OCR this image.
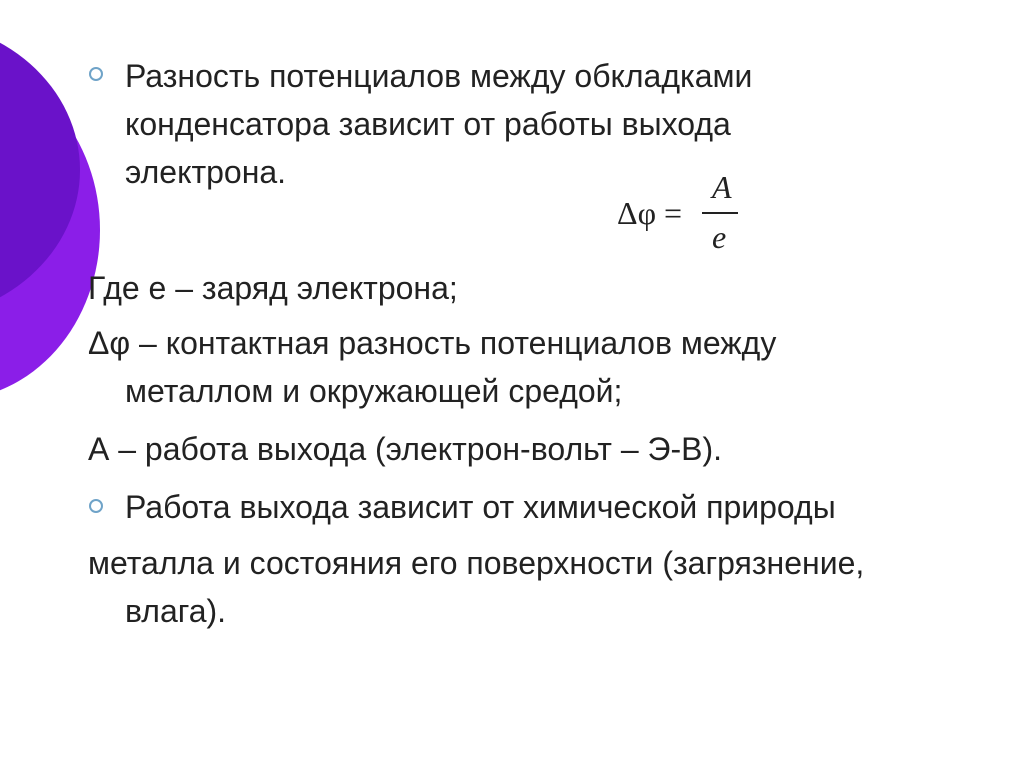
Разность потенциалов между обкладками

конденсатора зависит от работы выхода

электрона.

Δφ =
A
e

Где е – заряд электрона;

Δφ – контактная разность потенциалов между

металлом и окружающей средой;

А – работа выхода (электрон-вольт – Э-В).

Работа выхода зависит от химической природы

металла и состояния его поверхности (загрязнение,

влага).
